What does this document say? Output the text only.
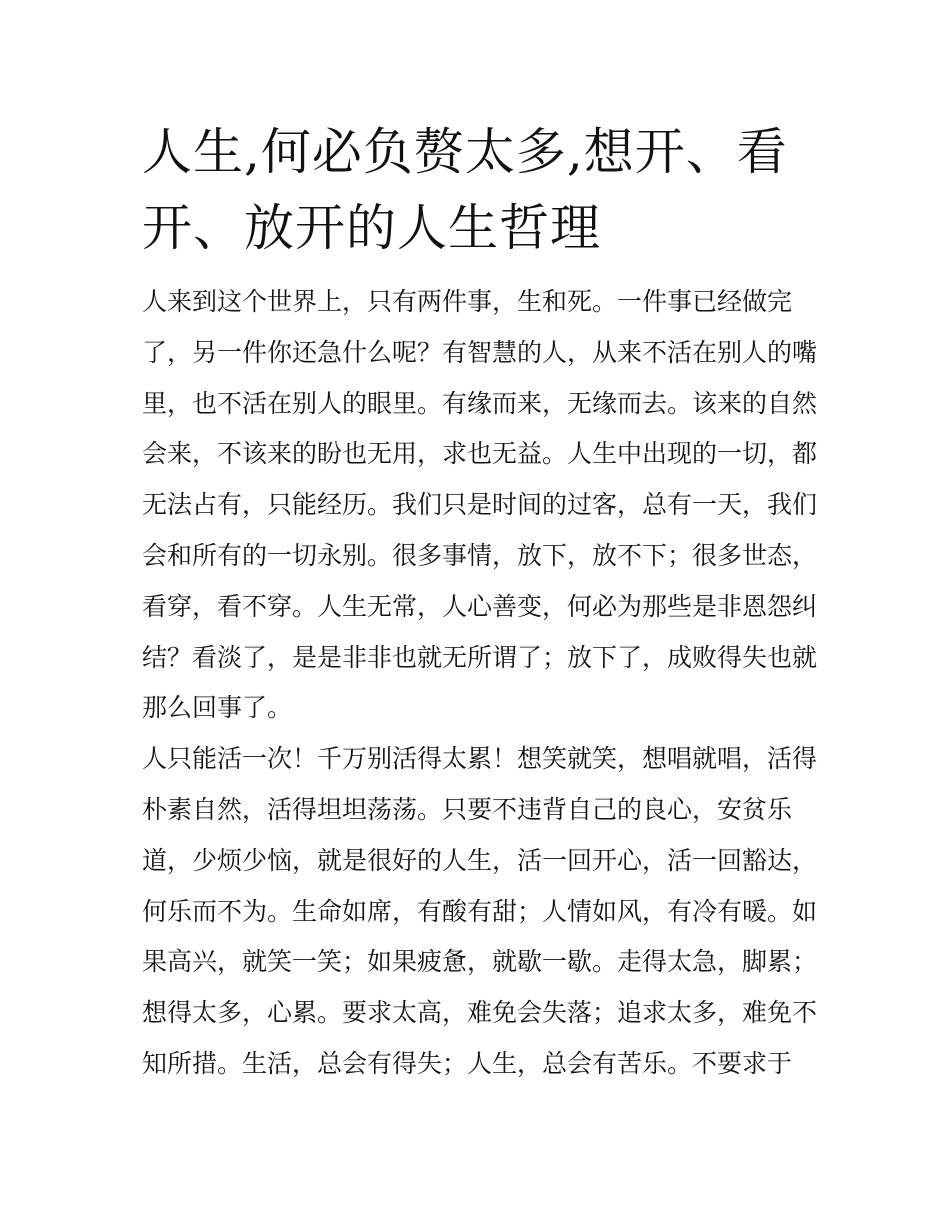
人生,何必负赘太多,想开、看
开、放开的人生哲理
人来到这个世界上，只有两件事，生和死。一件事已经做完
了，另一件你还急什么呢？有智慧的人，从来不活在别人的嘴
里，也不活在别人的眼里。有缘而来，无缘而去。该来的自然
会来，不该来的盼也无用，求也无益。人生中出现的一切，都
无法占有，只能经历。我们只是时间的过客，总有一天，我们
会和所有的一切永别。很多事情，放下，放不下；很多世态，
看穿，看不穿。人生无常，人心善变，何必为那些是非恩怨纠
结？看淡了，是是非非也就无所谓了；放下了，成败得失也就
那么回事了。
人只能活一次！千万别活得太累！想笑就笑，想唱就唱，活得
朴素自然，活得坦坦荡荡。只要不违背自己的良心，安贫乐
道，少烦少恼，就是很好的人生，活一回开心，活一回豁达，
何乐而不为。生命如席，有酸有甜；人情如风，有冷有暖。如
果高兴，就笑一笑；如果疲惫，就歇一歇。走得太急，脚累；
想得太多，心累。要求太高，难免会失落；追求太多，难免不
知所措。生活，总会有得失；人生，总会有苦乐。不要求于
